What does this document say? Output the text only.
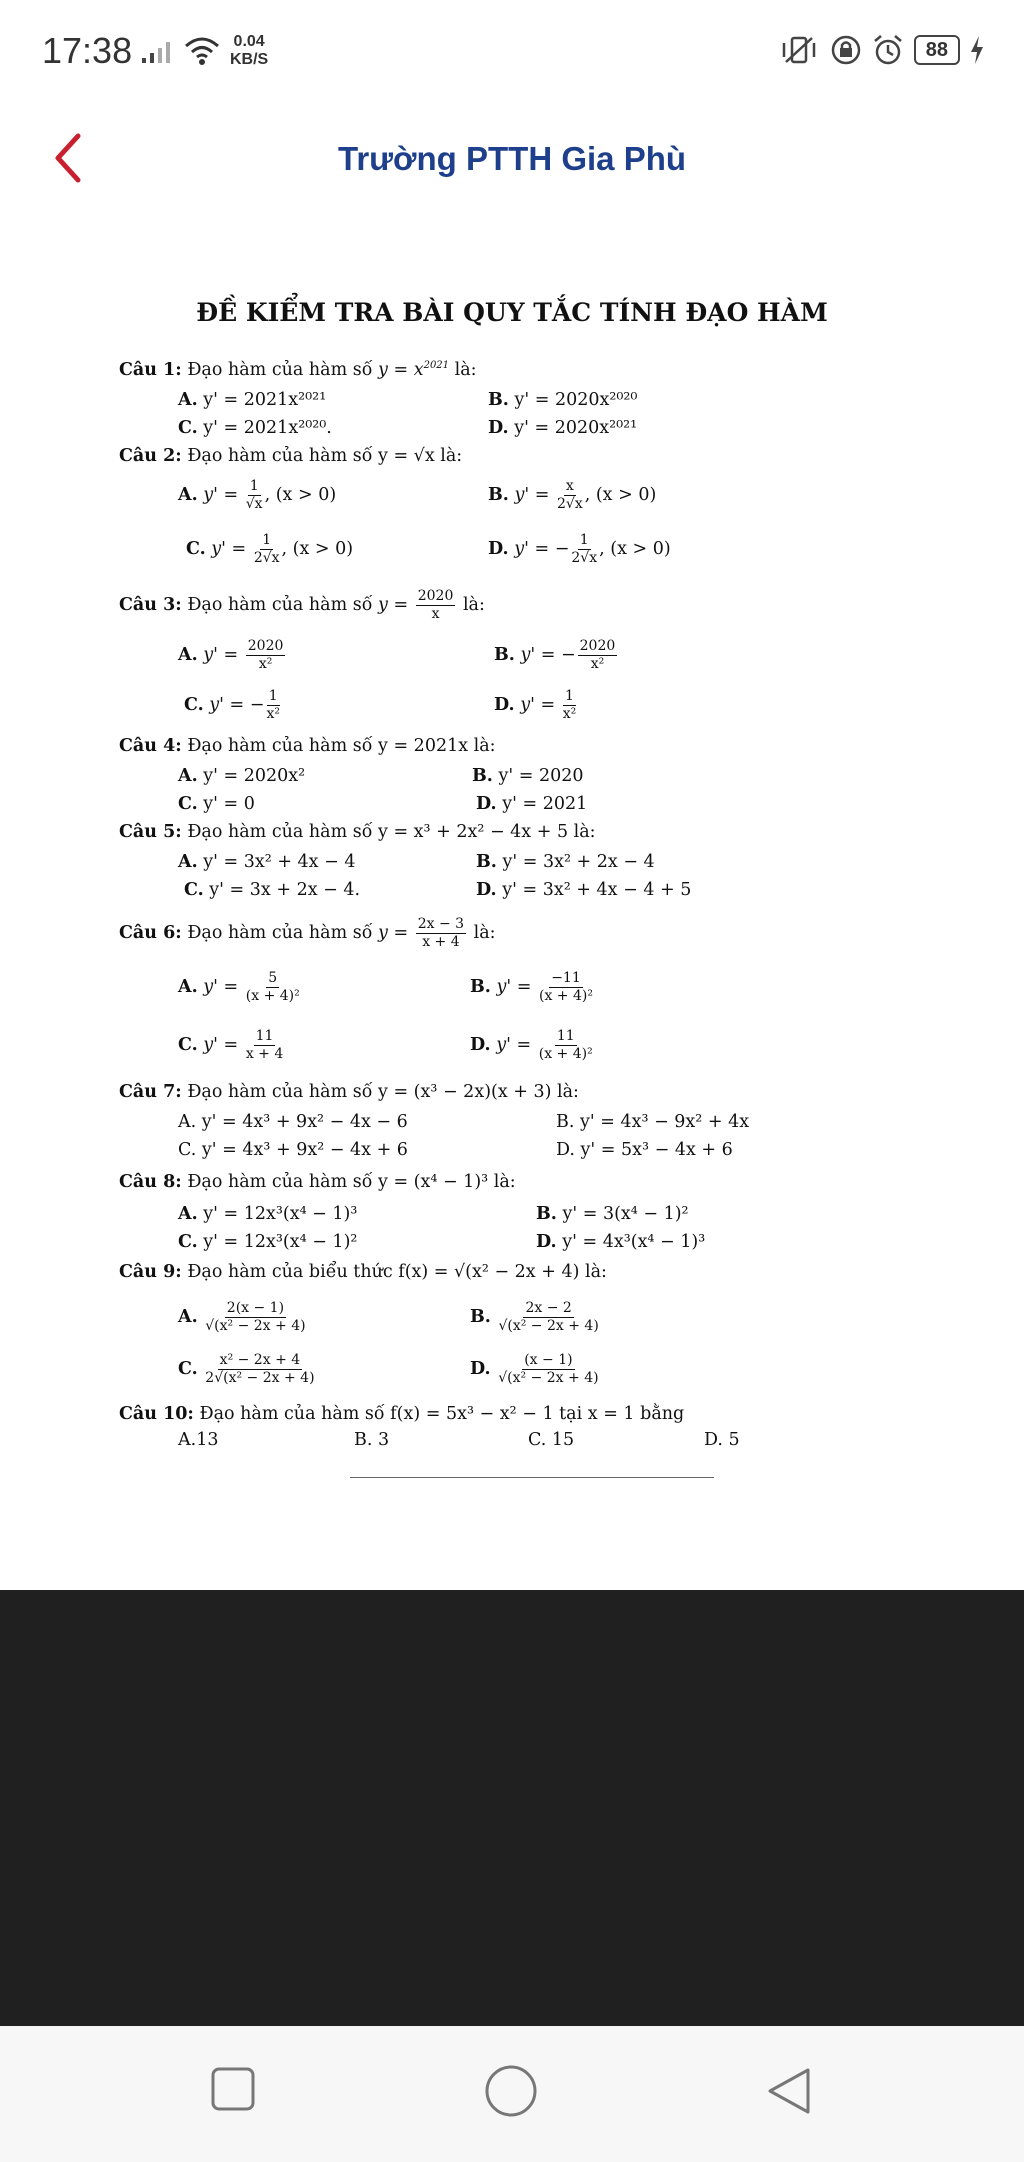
17:38	0.04
KB/S	88
Trường PTTH Gia Phù
ĐỀ KIỂM TRA BÀI QUY TẮC TÍNH ĐẠO HÀM
Câu 1: Đạo hàm của hàm số $y = x^{2021}$ là:
A. y' = 2021x²⁰²¹	B. y' = 2020x²⁰²⁰
C. y' = 2021x²⁰²⁰.	D. y' = 2020x²⁰²¹
Câu 2: Đạo hàm của hàm số y = √x là:
A. $y' = \frac{1}{√x}$ , (x > 0)	B. $y' = \frac{x}{2√x}$ , (x > 0)
C. $y' = \frac{1}{2√x}$ , (x > 0)	D. y' = − $\frac{1}{2√x}$ , (x > 0)
Câu 3: Đạo hàm của hàm số $y = \frac{2020}{x}$ là:
A. $y' = \frac{2020}{\text{x²}}$	B. y' = − $\frac{2020}{\text{x²}}$
C. y' = − $\frac{1}{\text{x²}}$	D. $y' = \frac{1}{\text{x²}}$
Câu 4: Đạo hàm của hàm số y = 2021x là:
A. y' = 2020x²	B. y' = 2020
C. y' = 0	D. y' = 2021
Câu 5: Đạo hàm của hàm số y = x³ + 2x² − 4x + 5 là:
A. y' = 3x² + 4x − 4	B. y' = 3x² + 2x − 4
C. y' = 3x + 2x − 4.	D. y' = 3x² + 4x − 4 + 5
Câu 6: Đạo hàm của hàm số $y = \frac{2x - 3}{x + 4}$ là:
A. $y' = \frac{5}{\text{(x + 4)²}}$	B. $y' = \frac{-11}{\text{(x + 4)²}}$
C. $y' = \frac{11}{x + 4}$	D. $y' = \frac{11}{\text{(x + 4)²}}$
Câu 7: Đạo hàm của hàm số y = (x³ − 2x)(x + 3) là:
A. y' = 4x³ + 9x² − 4x − 6	B. y' = 4x³ − 9x² + 4x
C. y' = 4x³ + 9x² − 4x + 6	D. y' = 5x³ − 4x + 6
Câu 8: Đạo hàm của hàm số y = (x⁴ − 1)³ là:
A. y' = 12x³(x⁴ − 1)³	B. y' = 3(x⁴ − 1)²
C. y' = 12x³(x⁴ − 1)²	D. y' = 4x³(x⁴ − 1)³
Câu 9: Đạo hàm của biểu thức f(x) = √(x² − 2x + 4) là:
A. $\frac{2(x - 1)}{\text{√(x² − 2x + 4)}}$	B. $\frac{2x - 2}{\text{√(x² − 2x + 4)}}$
C. $\frac{\text{x² − 2x + 4}}{\text{2√(x² − 2x + 4)}}$	D. $\frac{(x - 1)}{\text{√(x² − 2x + 4)}}$
Câu 10: Đạo hàm của hàm số f(x) = 5x³ − x² − 1 tại x = 1 bằng
A.13	B. 3	C. 15	D. 5
